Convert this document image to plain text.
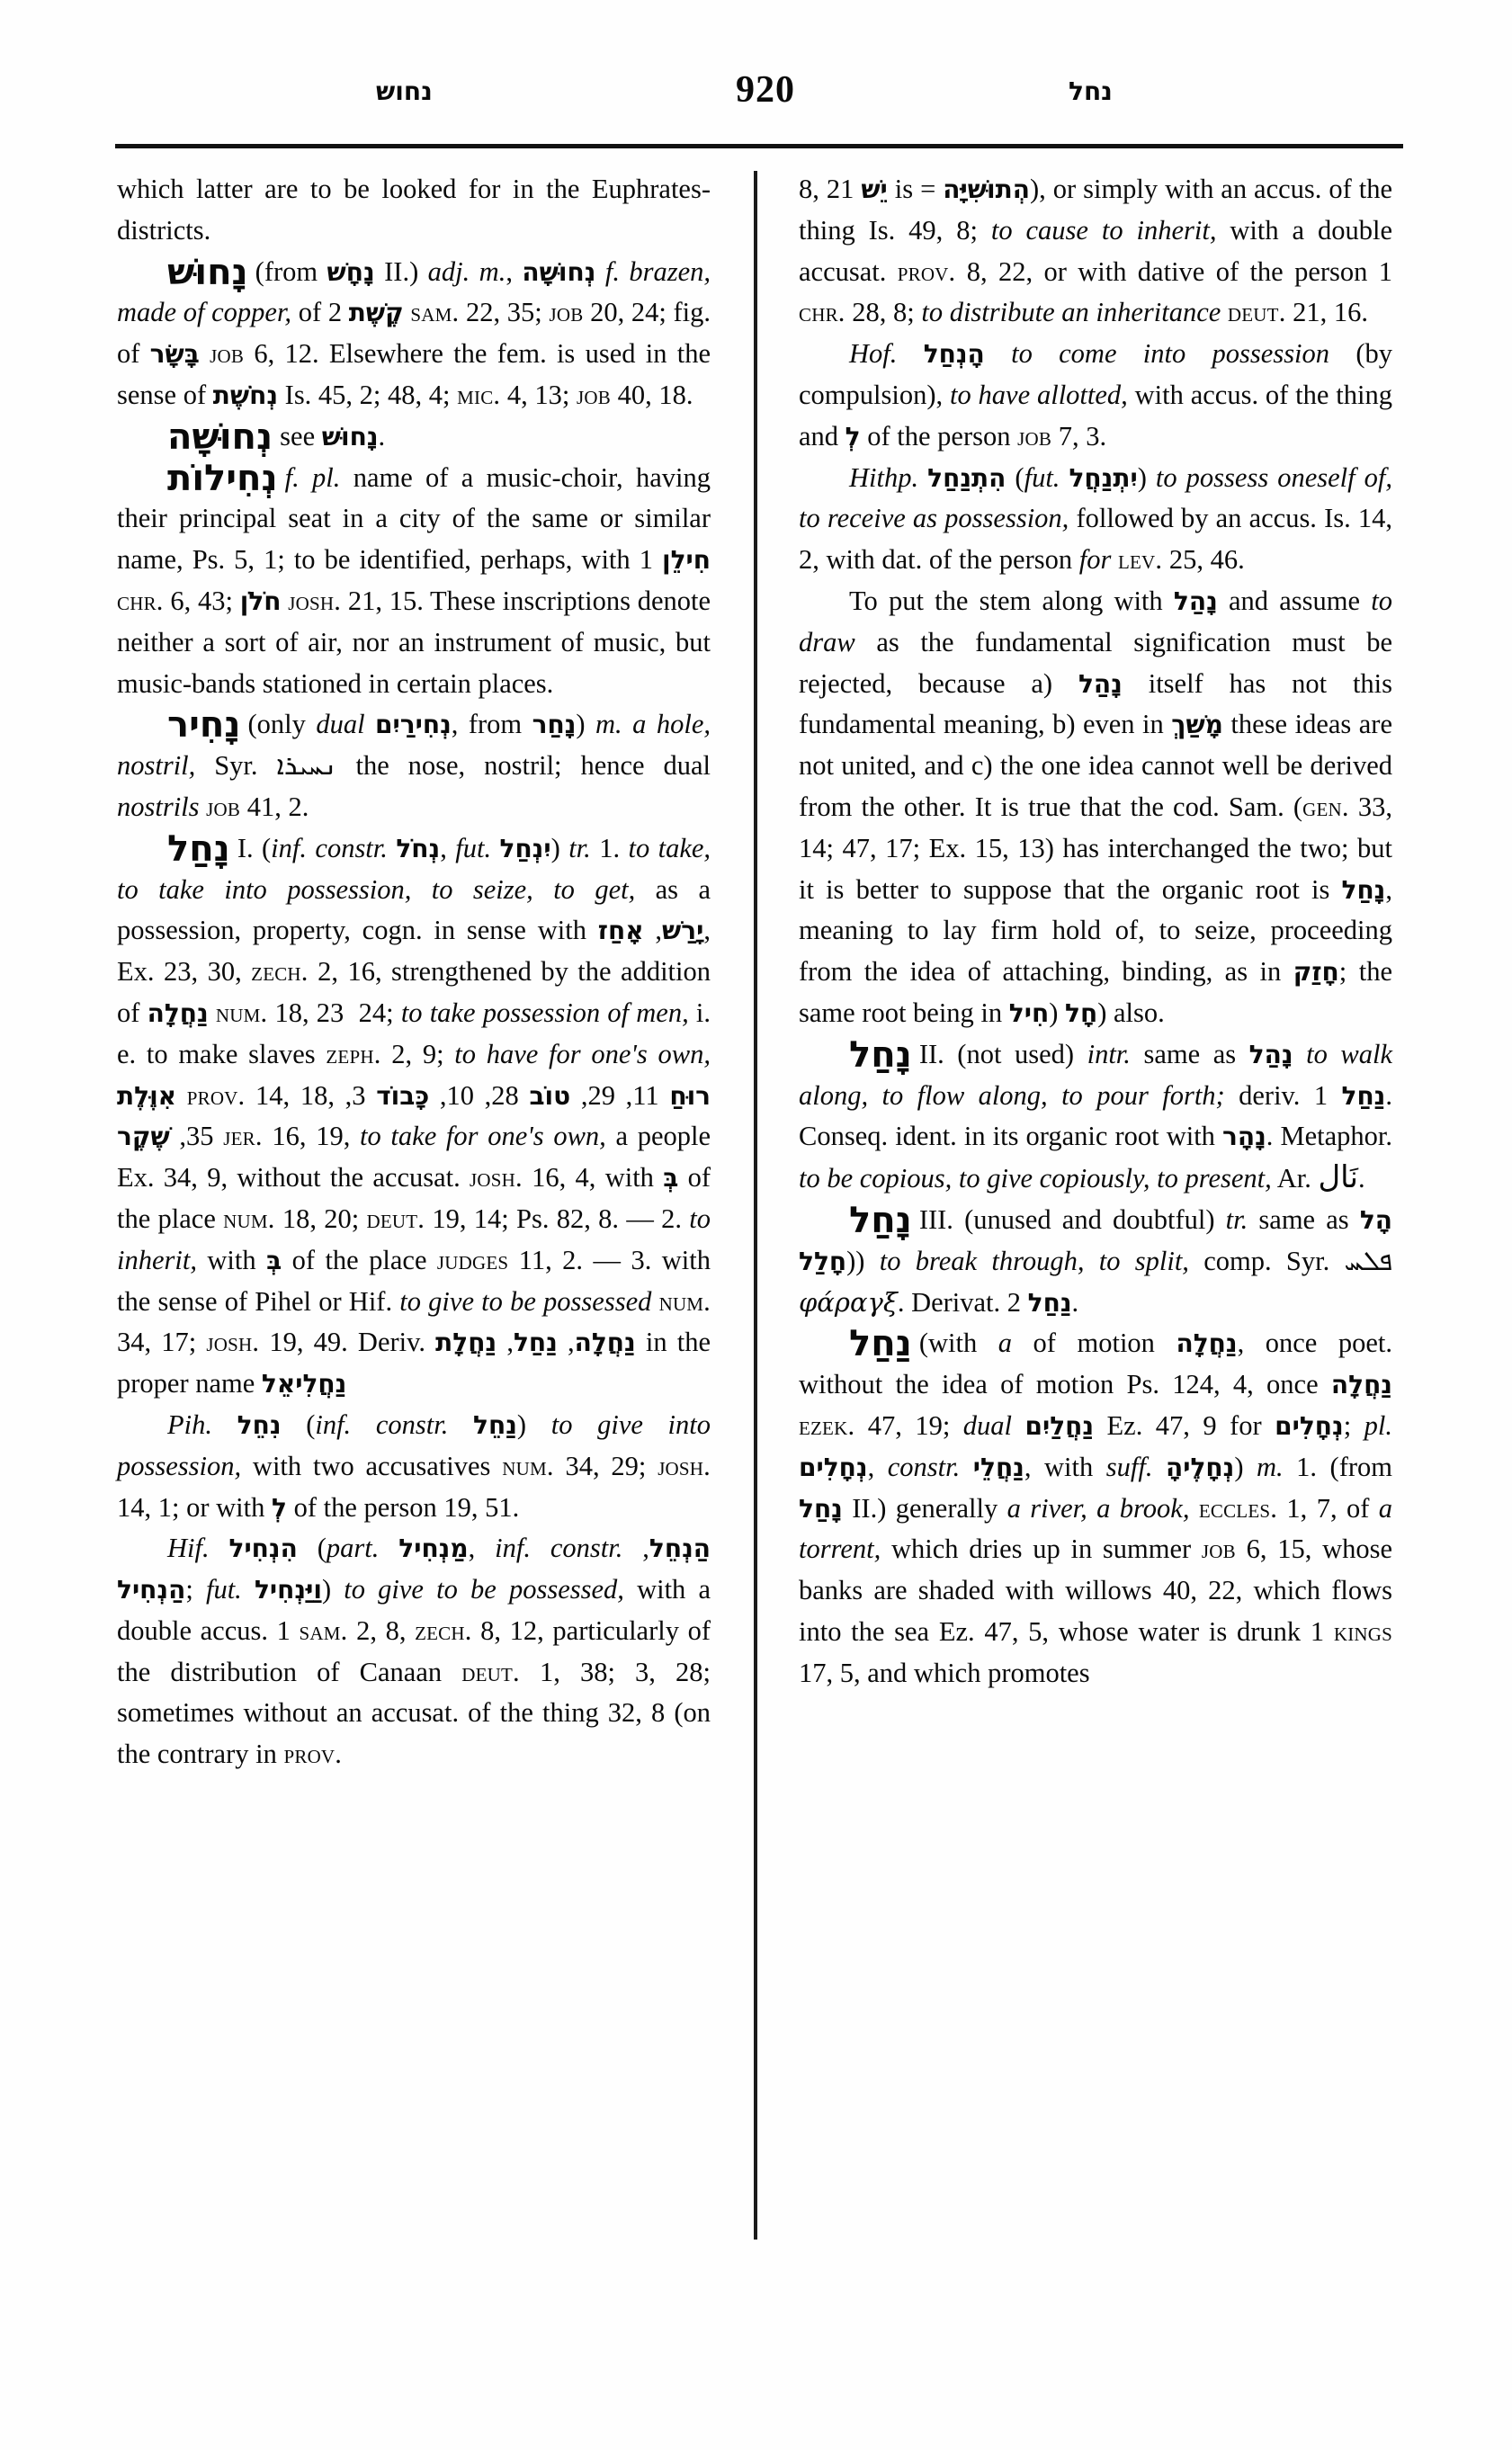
נחוש	920	נחל

which latter are to be looked for in the Euphrates-districts.

נָחוּשׁ (from נָחָשׁ II.) adj. m., נְחוּשָׁה f. brazen, made of copper, of קֶשֶׁת 2 sam. 22, 35; job 20, 24; fig. of בָּשָׂר job 6, 12. Elsewhere the fem. is used in the sense of נְחֹשֶׁת Is. 45, 2; 48, 4; mic. 4, 13; job 40, 18.

נְחוּשָׁה see נָחוּשׁ.

נְחִילוֹת f. pl. name of a music-choir, having their principal seat in a city of the same or similar name, Ps. 5, 1; to be identified, perhaps, with חִילֵן 1 chr. 6, 43; חֹלֹן josh. 21, 15. These inscriptions denote neither a sort of air, nor an instrument of music, but music-bands stationed in certain places.

נָחִיר (only dual נְחִירַיִם, from נָחַר) m. a hole, nostril, Syr. ܢܚܝܪܐ the nose, nostril; hence dual nostrils job 41, 2.

נָחַל I. (inf. constr. נְחֹל, fut. יִנְחַל) tr. 1. to take, to take into possession, to seize, to get, as a possession, property, cogn. in sense with	יָרַשׁ, אָחַז , Ex. 23, 30, zech. 2, 16, strengthened by the addition of נַחֲלָה num. 18, 23  24; to take possession of men, i. e. to make slaves zeph. 2, 9; to have for one's own, אִוֶּלֶת prov. 14, 18,	רוּחַ 11, 29, טוֹב 28, 10, כָּבוֹד 3, 35, שֶׁקֶר jer. 16, 19, to take for one's own, a people Ex. 34, 9, without the accusat. josh. 16, 4, with בְּ of the place num. 18, 20; deut. 19, 14; Ps. 82, 8. — 2. to inherit, with בְּ of the place judges 11, 2. — 3. with the sense of Pihel or Hif. to give to be possessed num. 34, 17; josh. 19, 49. Deriv.	נַחֲלָה, נַחַל, נַחֲלָת	in the proper name נַחֲלִיאֵל

Pih. נִחֵל (inf. constr. נַחֵל) to give into possession, with two accusatives num. 34, 29; josh. 14, 1; or with לְ of the person 19, 51.

Hif. הִנְחִיל (part. מַנְחִיל, inf. constr. הַנְחֵל, הַנְחִיל; fut. וַיַּנְחִיל) to give to be possessed, with a double accus. 1 sam. 2, 8, zech. 8, 12, particularly of the distribution of Canaan deut. 1, 38; 3, 28; sometimes without an accusat. of the thing 32, 8 (on the contrary in prov.

8, 21 יֵשׁ is = הְתוּשִׁיָּה), or simply with an accus. of the thing Is. 49, 8; to cause to inherit, with a double accusat. prov. 8, 22, or with dative of the person 1 chr. 28, 8; to distribute an inheritance deut. 21, 16.

Hof. הָנְחַל to come into possession (by compulsion), to have allotted, with accus. of the thing and לְ of the person job 7, 3.

Hithp. הִתְנַחַל (fut. יִתְנַחֲל) to possess oneself of, to receive as possession, followed by an accus. Is. 14, 2, with dat. of the person for lev. 25, 46.

To put the stem along with נָהַל and assume to draw as the fundamental signification must be rejected, because a) נָהַל itself has not this fundamental meaning, b) even in מָשַׁךְ these ideas are not united, and c) the one idea cannot well be derived from the other. It is true that the cod. Sam. (gen. 33, 14; 47, 17; Ex. 15, 13) has interchanged the two; but it is better to suppose that the organic root is נָחַל, meaning to lay firm hold of, to seize, proceeding from the idea of attaching, binding, as in חָזַק; the same root being in חָל (חִיל ) also.

נָחַל II. (not used) intr. same as נָהַל to walk along, to flow along, to pour forth; deriv. נַחַל 1. Conseq. ident. in its organic root with נָהָר. Metaphor. to be copious, to give copiously, to present, Ar. نَال.

נָחַל III. (unused and doubtful) tr. same as הָל (חָלַל ) to break through, to split, comp. Syr. ܦܠܚ φάραγξ. Derivat. נַחַל 2.

נַחַל (with a of motion נַחֲלָה, once poet. without the idea of motion Ps. 124, 4, once נַחֲלָה ezek. 47, 19; dual נַחֲלַיִם Ez. 47, 9 for נְחָלִים; pl. נְחָלִים, constr. נַחֲלֵי, with suff. נְחָלֶיהָ) m. 1. (from נָחַל II.) generally a river, a brook, eccles. 1, 7, of a torrent, which dries up in summer job 6, 15, whose banks are shaded with willows 40, 22, which flows into the sea Ez. 47, 5, whose water is drunk 1 kings 17, 5, and which promotes
